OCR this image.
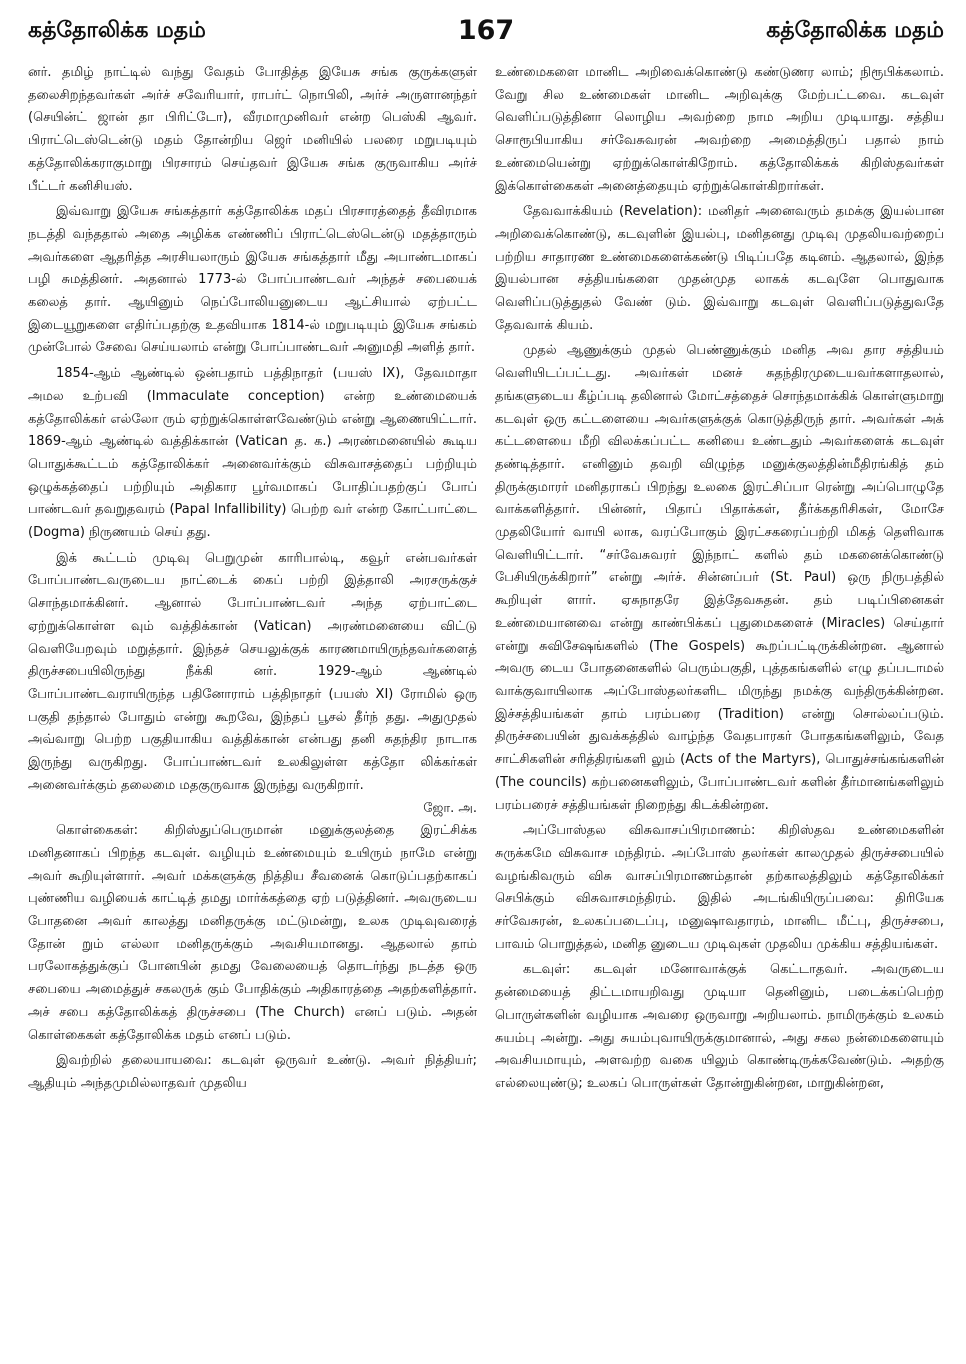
கத்தோலிக்க மதம்	167	கத்தோலிக்க மதம்

னர். தமிழ் நாட்டில் வந்து வேதம் போதித்த இயேசு சங்க குருக்களுள் தலைசிறந்தவர்கள் அர்ச் சவேரியார், ராபர்ட் நொபிலி, அர்ச் அருளானந்தர் (செயின்ட் ஜான் தா பிரிட்டோ), வீரமாமுனிவர் என்ற பெஸ்கி ஆவர். பிராட்டெஸ்டென்டு மதம் தோன்றிய ஜெர் மனியில் பலரை மறுபடியும் கத்தோலிக்கராகுமாறு பிரசாரம் செய்தவர் இயேசு சங்க குருவாகிய அர்ச் பீட்டர் கனிசியஸ்.

இவ்வாறு இயேசு சங்கத்தார் கத்தோலிக்க மதப் பிரசாரத்தைத் தீவிரமாக நடத்தி வந்ததால் அதை அழிக்க எண்ணிப் பிராட்டெஸ்டென்டு மதத்தாரும் அவர்களை ஆதரித்த அரசியலாரும் இயேசு சங்கத்தார் மீது அபாண்டமாகப் பழி சுமத்தினர். அதனால் 1773-ல் போப்பாண்டவர் அந்தச் சபையைக் கலைத் தார். ஆயினும் நெப்போலியனுடைய ஆட்சியால் ஏற்பட்ட இடையூறுகளை எதிர்ப்பதற்கு உதவியாக 1814-ல் மறுபடியும் இயேசு சங்கம் முன்போல் சேவை செய்யலாம் என்று போப்பாண்டவர் அனுமதி அளித் தார்.

1854-ஆம் ஆண்டில் ஒன்பதாம் பத்திநாதர் (பயஸ் IX), தேவமாதா அமல உற்பவி (Immaculate conception) என்ற உண்மையைக் கத்தோலிக்கர் எல்லோ ரும் ஏற்றுக்கொள்ளவேண்டும் என்று ஆணையிட்டார். 1869-ஆம் ஆண்டில் வத்திக்கான் (Vatican த. க.) அரண்மனையில் கூடிய பொதுக்கூட்டம் கத்தோலிக்கர் அனைவர்க்கும் விசுவாசத்தைப் பற்றியும் ஒழுக்கத்தைப் பற்றியும் அதிகார பூர்வமாகப் போதிப்பதற்குப் போப் பாண்டவர் தவறுதவரம் (Papal Infallibility) பெற்ற வர் என்ற கோட்பாட்டை (Dogma) நிருணயம் செய் தது.

இக் கூட்டம் முடிவு பெறுமுன் காரிபால்டி, கவூர் என்பவர்கள் போப்பாண்டவருடைய நாட்டைக் கைப் பற்றி இத்தாலி அரசருக்குச் சொந்தமாக்கினர். ஆனால் போப்பாண்டவர் அந்த ஏற்பாட்டை ஏற்றுக்கொள்ள வும் வத்திக்கான் (Vatican) அரண்மனையை விட்டு வெளியேறவும் மறுத்தார். இந்தச் செயலுக்குக் காரணமாயிருந்தவர்களைத் திருச்சபையிலிருந்து நீக்கி னர். 1929-ஆம் ஆண்டில் போப்பாண்டவராயிருந்த பதினோராம் பத்திநாதர் (பயஸ் XI) ரோமில் ஒரு பகுதி தந்தால் போதும் என்று கூறவே, இந்தப் பூசல் தீர்ந் தது. அதுமுதல் அவ்வாறு பெற்ற பகுதியாகிய வத்திக்கான் என்பது தனி சுதந்திர நாடாக இருந்து வருகிறது. போப்பாண்டவர் உலகிலுள்ள கத்தோ லிக்கர்கள் அனைவர்க்கும் தலைமை மதகுருவாக இருந்து வருகிறார்.

ஜோ. அ.

கொள்கைகள்: கிறிஸ்துப்பெருமான் மனுக்குலத்தை இரட்சிக்க மனிதனாகப் பிறந்த கடவுள். வழியும் உண்மையும் உயிரும் நாமே என்று அவர் கூறியுள்ளார். அவர் மக்களுக்கு நித்திய சீவனைக் கொடுப்பதற்காகப் புண்ணிய வழியைக் காட்டித் தமது மார்க்கத்தை ஏற் படுத்தினர். அவருடைய போதனை அவர் காலத்து மனிதருக்கு மட்டுமன்று, உலக முடிவுவரைத் தோன் றும் எல்லா மனிதருக்கும் அவசியமானது. ஆதலால் தாம் பரலோகத்துக்குப் போனபின் தமது வேலையைத் தொடர்ந்து நடத்த ஒரு சபையை அமைத்துச் சகலருக் கும் போதிக்கும் அதிகாரத்தை அதற்களித்தார். அச் சபை கத்தோலிக்கத் திருச்சபை (The Church) எனப் படும். அதன் கொள்கைகள் கத்தோலிக்க மதம் எனப் படும்.

இவற்றில் தலையாயவை: கடவுள் ஒருவர் உண்டு. அவர் நித்தியர்; ஆதியும் அந்தமுமில்லாதவர் முதலிய

உண்மைகளை மானிட அறிவைக்கொண்டு கண்டுணர லாம்; நிரூபிக்கலாம். வேறு சில உண்மைகள் மானிட அறிவுக்கு மேற்பட்டவை. கடவுள் வெளிப்படுத்தினா லொழிய அவற்றை நாம அறிய முடியாது. சத்திய சொரூபியாகிய சர்வேசுவரன் அவற்றை அமைத்திருப் பதால் நாம் உண்மையென்று ஏற்றுக்கொள்கிறோம். கத்தோலிக்கக் கிறிஸ்தவர்கள் இக்கொள்கைகள் அனைத்தையும் ஏற்றுக்கொள்கிறார்கள்.

தேவவாக்கியம் (Revelation): மனிதர் அனைவரும் தமக்கு இயல்பான அறிவைக்கொண்டு, கடவுளின் இயல்பு, மனிதனது முடிவு முதலியவற்றைப் பற்றிய சாதாரண உண்மைகளைக்கண்டு பிடிப்பதே கடினம். ஆதலால், இந்த இயல்பான சத்தியங்களை முதன்முத லாகக் கடவுளே பொதுவாக வெளிப்படுத்துதல் வேண் டும். இவ்வாறு கடவுள் வெளிப்படுத்துவதே தேவவாக் கியம்.

முதல் ஆணுக்கும் முதல் பெண்ணுக்கும் மனித அவ தார சத்தியம் வெளியிடப்பட்டது. அவர்கள் மனச் சுதந்திரமுடையவர்களாதலால், தங்களுடைய கீழ்ப்படி தலினால் மோட்சத்தைச் சொந்தமாக்கிக் கொள்ளுமாறு கடவுள் ஒரு கட்டளையை அவர்களுக்குக் கொடுத்திருந் தார். அவர்கள் அக் கட்டளையை மீறி விலக்கப்பட்ட கனியை உண்டதும் அவர்களைக் கடவுள் தண்டித்தார். எனினும் தவறி விழுந்த மனுக்குலத்தின்மீதிரங்கித் தம் திருக்குமாரர் மனிதராகப் பிறந்து உலகை இரட்சிப்பா ரென்று அப்பொழுதே வாக்களித்தார். பின்னர், பிதாப் பிதாக்கள், தீர்க்கதரிசிகள், மோசே முதலியோர் வாயி லாக, வரப்போகும் இரட்சகரைப்பற்றி மிகத் தெளிவாக வெளியிட்டார். “சர்வேசுவரர் இந்நாட் களில் தம் மகனைக்கொண்டு பேசியிருக்கிறார்” என்று அர்ச். சின்னப்பர் (St. Paul) ஒரு நிருபத்தில் கூறியுள் ளார். ஏசுநாதரே இத்தேவசுதன். தம் படிப்பினைகள் உண்மையானவை என்று காண்பிக்கப் புதுமைகளைச் (Miracles) செய்தார் என்று சுவிசேஷங்களில் (The Gospels) கூறப்பட்டிருக்கின்றன. ஆனால் அவரு டைய போதனைகளில் பெரும்பகுதி, புத்தகங்களில் எழு தப்படாமல் வாக்குவாயிலாக அப்போஸ்தலர்களிட மிருந்து நமக்கு வந்திருக்கின்றன. இச்சத்தியங்கள் தாம் பரம்பரை (Tradition) என்று சொல்லப்படும். திருச்சபையின் துவக்கத்தில் வாழ்ந்த வேதபாரகர் போதகங்களிலும், வேத சாட்சிகளின் சரித்திரங்களி லும் (Acts of the Martyrs), பொதுச்சங்கங்களின் (The councils) கற்பனைகளிலும், போப்பாண்டவர் களின் தீர்மானங்களிலும் பரம்பரைச் சத்தியங்கள் நிறைந்து கிடக்கின்றன.

அப்போஸ்தல விசுவாசப்பிரமாணம்: கிறிஸ்தவ உண்மைகளின் சுருக்கமே விசுவாச மந்திரம். அப்போஸ் தலர்கள் காலமுதல் திருச்சபையில் வழங்கிவரும் விசு வாசப்பிரமாணம்தான் தற்காலத்திலும் கத்தோலிக்கர் செபிக்கும் விசுவாசமந்திரம். இதில் அடங்கியிருப்பவை: திரியேக சர்வேசுரன், உலகப்படைப்பு, மனுஷாவதாரம், மானிட மீட்பு, திருச்சபை, பாவம் பொறுத்தல், மனித னுடைய முடிவுகள் முதலிய முக்கிய சத்தியங்கள்.

கடவுள்: கடவுள் மனோவாக்குக் கெட்டாதவர். அவருடைய தன்மையைத் திட்டமாயறிவது முடியா தெனினும், படைக்கப்பெற்ற பொருள்களின் வழியாக அவரை ஒருவாறு அறியலாம். நாமிருக்கும் உலகம் சுயம்பு அன்று. அது சுயம்புவாயிருக்குமானால், அது சகல நன்மைகளையும் அவசியமாயும், அளவற்ற வகை யிலும் கொண்டிருக்கவேண்டும். அதற்கு எல்லையுண்டு; உலகப் பொருள்கள் தோன்றுகின்றன, மாறுகின்றன,
